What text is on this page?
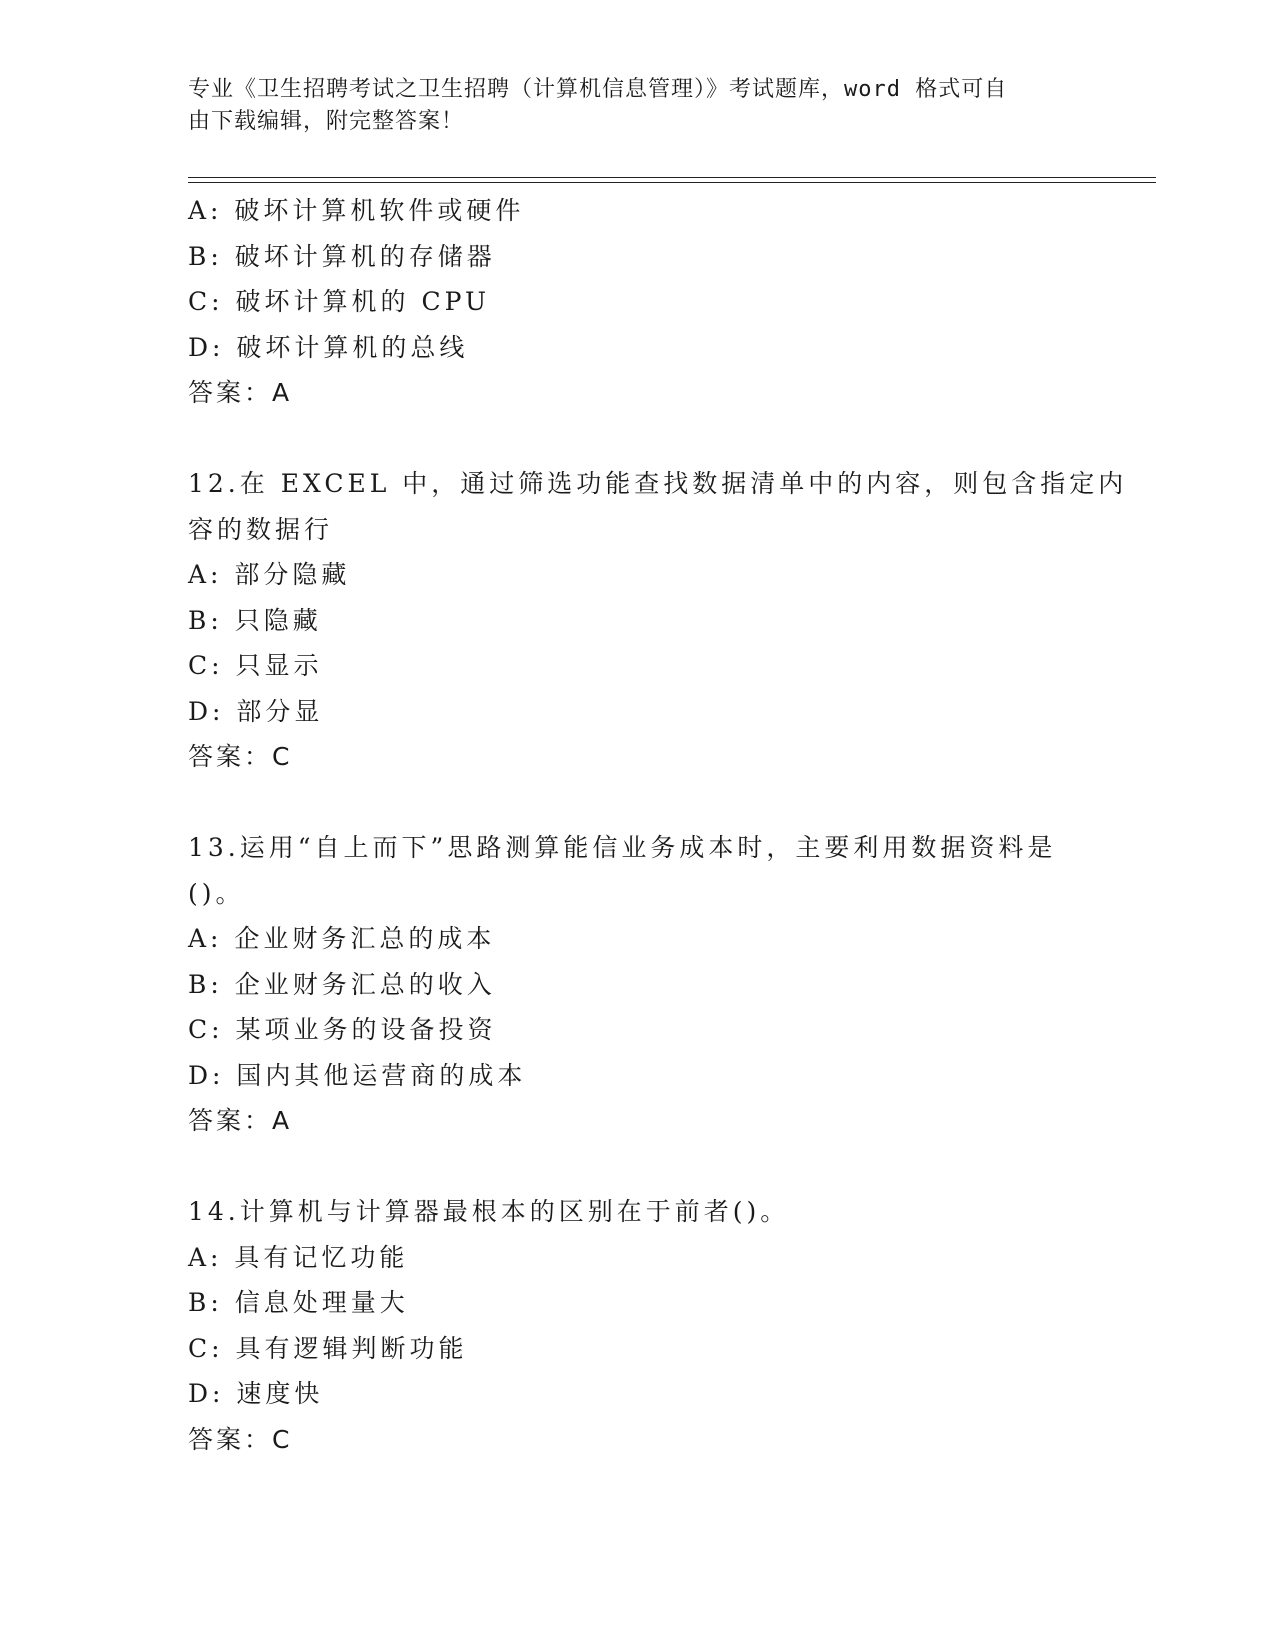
专业《卫生招聘考试之卫生招聘（计算机信息管理）》考试题库，word 格式可自
由下载编辑，附完整答案！
A: 破坏计算机软件或硬件
B: 破坏计算机的存储器
C: 破坏计算机的 CPU
D: 破坏计算机的总线
答案：A
12.在 EXCEL 中，通过筛选功能查找数据清单中的内容，则包含指定内
容的数据行
A: 部分隐藏
B: 只隐藏
C: 只显示
D: 部分显
答案：C
13.运用“自上而下”思路测算能信业务成本时，主要利用数据资料是
()。
A: 企业财务汇总的成本
B: 企业财务汇总的收入
C: 某项业务的设备投资
D: 国内其他运营商的成本
答案：A
14.计算机与计算器最根本的区别在于前者()。
A: 具有记忆功能
B: 信息处理量大
C: 具有逻辑判断功能
D: 速度快
答案：C
